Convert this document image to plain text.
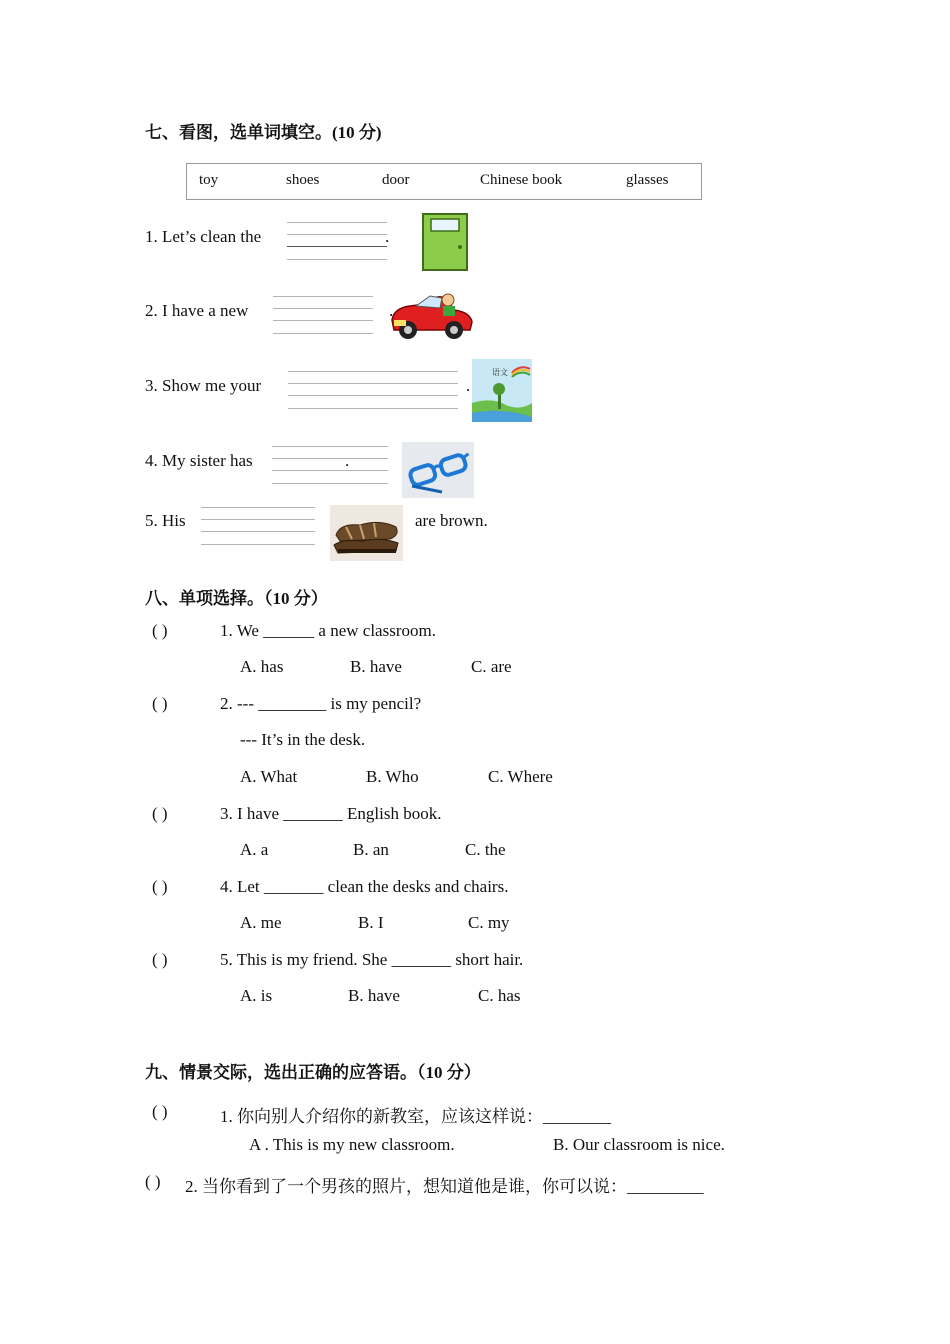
七、看图，选单词填空。(10 分)
toy	shoes	door	Chinese book	glasses
1. Let’s clean the	.
2. I have a new	.
3. Show me your	.
语文
4. My sister has	.
5. His	are brown.
八、单项选择。（10 分）
( )	1. We ______ a new classroom.
A. has	B. have	C. are
( )	2. --- ________ is my pencil?
--- It’s in the desk.
A. What	B. Who	C. Where
( )	3. I have _______ English book.
A. a	B. an	C. the
( )	4. Let _______ clean the desks and chairs.
A. me	B. I	C. my
( )	5. This is my friend. She _______ short hair.
A. is	B. have	C. has
九、情景交际，选出正确的应答语。（10 分）
( )	1. 你向别人介绍你的新教室，应该这样说：________
A . This is my new classroom.	B. Our classroom is nice.
( ) 2. 当你看到了一个男孩的照片，想知道他是谁，你可以说：_________
